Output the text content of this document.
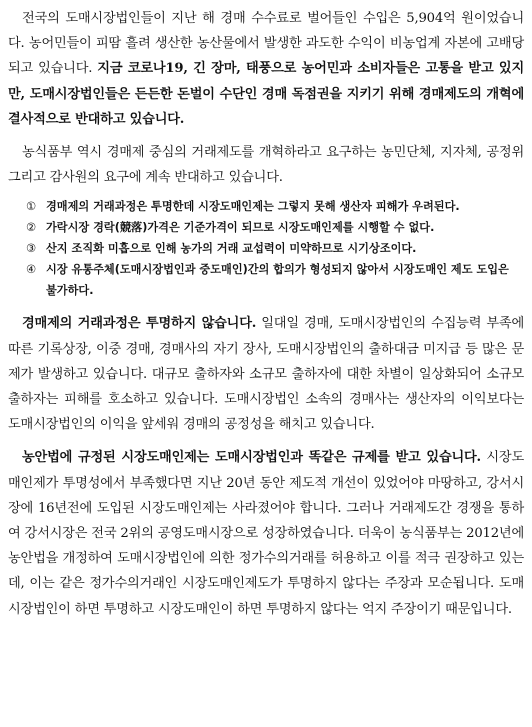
전국의 도매시장법인들이 지난 해 경매 수수료로 벌어들인 수입은 5,904억 원이었습니다. 농어민들이 피땀 흘려 생산한 농산물에서 발생한 과도한 수익이 비농업계 자본에 고배당되고 있습니다. 지금 코로나19, 긴 장마, 태풍으로 농어민과 소비자들은 고통을 받고 있지만, 도매시장법인들은 든든한 돈벌이 수단인 경매 독점권을 지키기 위해 경매제도의 개혁에 결사적으로 반대하고 있습니다.

농식품부 역시 경매제 중심의 거래제도를 개혁하라고 요구하는 농민단체, 지자체, 공정위 그리고 감사원의 요구에 계속 반대하고 있습니다.

① 경매제의 거래과정은 투명한데 시장도매인제는 그렇지 못해 생산자 피해가 우려된다.
② 가락시장 경락(競落)가격은 기준가격이 되므로 시장도매인제를 시행할 수 없다.
③ 산지 조직화 미흡으로 인해 농가의 거래 교섭력이 미약하므로 시기상조이다.
④ 시장 유통주체(도매시장법인과 중도매인)간의 합의가 형성되지 않아서 시장도매인 제도 도입은 불가하다.

경매제의 거래과정은 투명하지 않습니다. 일대일 경매, 도매시장법인의 수집능력 부족에 따른 기록상장, 이중 경매, 경매사의 자기 장사, 도매시장법인의 출하대금 미지급 등 많은 문제가 발생하고 있습니다. 대규모 출하자와 소규모 출하자에 대한 차별이 일상화되어 소규모 출하자는 피해를 호소하고 있습니다. 도매시장법인 소속의 경매사는 생산자의 이익보다는 도매시장법인의 이익을 앞세워 경매의 공정성을 해치고 있습니다.

농안법에 규정된 시장도매인제는 도매시장법인과 똑같은 규제를 받고 있습니다. 시장도매인제가 투명성에서 부족했다면 지난 20년 동안 제도적 개선이 있었어야 마땅하고, 강서시장에 16년전에 도입된 시장도매인제는 사라졌어야 합니다. 그러나 거래제도간 경쟁을 통하여 강서시장은 전국 2위의 공영도매시장으로 성장하였습니다. 더욱이 농식품부는 2012년에 농안법을 개정하여 도매시장법인에 의한 정가수의거래를 허용하고 이를 적극 권장하고 있는데, 이는 같은 정가수의거래인 시장도매인제도가 투명하지 않다는 주장과 모순됩니다. 도매시장법인이 하면 투명하고 시장도매인이 하면 투명하지 않다는 억지 주장이기 때문입니다.
